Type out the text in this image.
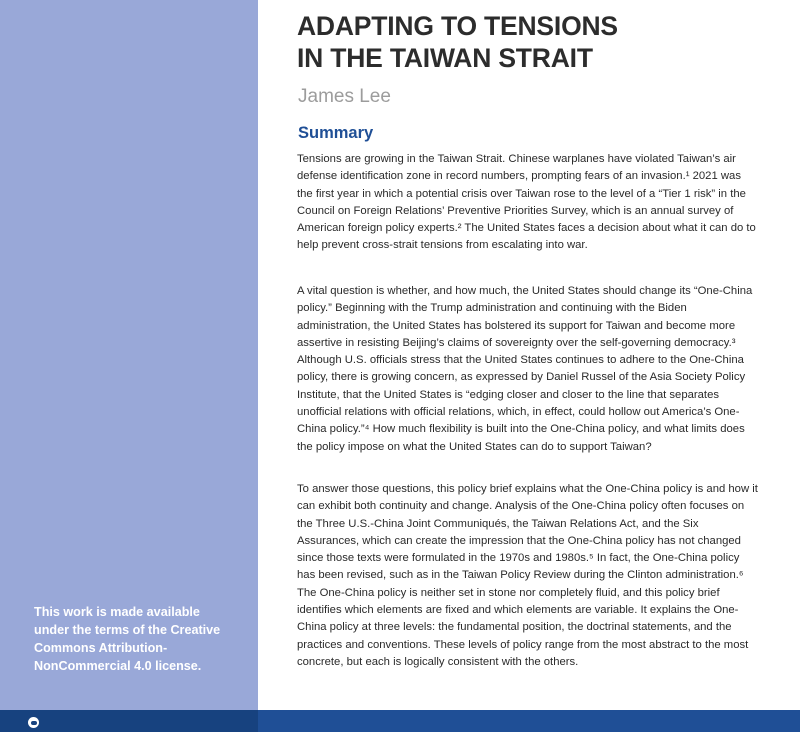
This work is made available under the terms of the Creative Commons Attribution-NonCommercial 4.0 license.
ADAPTING TO TENSIONS
IN THE TAIWAN STRAIT
James Lee
Summary

Tensions are growing in the Taiwan Strait. Chinese warplanes have violated Taiwan’s air defense identification zone in record numbers, prompting fears of an invasion.¹ 2021 was the first year in which a potential crisis over Taiwan rose to the level of a “Tier 1 risk” in the Council on Foreign Relations’ Preventive Priorities Survey, which is an annual survey of American foreign policy experts.² The United States faces a decision about what it can do to help prevent cross-strait tensions from escalating into war.

A vital question is whether, and how much, the United States should change its “One-China policy.” Beginning with the Trump administration and continuing with the Biden administration, the United States has bolstered its support for Taiwan and become more assertive in resisting Beijing’s claims of sovereignty over the self-governing democracy.³ Although U.S. officials stress that the United States continues to adhere to the One-China policy, there is growing concern, as expressed by Daniel Russel of the Asia Society Policy Institute, that the United States is “edging closer and closer to the line that separates unofficial relations with official relations, which, in effect, could hollow out America’s One-China policy.”⁴ How much flexibility is built into the One-China policy, and what limits does the policy impose on what the United States can do to support Taiwan?

To answer those questions, this policy brief explains what the One-China policy is and how it can exhibit both continuity and change. Analysis of the One-China policy often focuses on the Three U.S.-China Joint Communiqués, the Taiwan Relations Act, and the Six Assurances, which can create the impression that the One-China policy has not changed since those texts were formulated in the 1970s and 1980s.⁵ In fact, the One-China policy has been revised, such as in the Taiwan Policy Review during the Clinton administration.⁶ The One-China policy is neither set in stone nor completely fluid, and this policy brief identifies which elements are fixed and which elements are variable. It explains the One-China policy at three levels: the fundamental position, the doctrinal statements, and the practices and conventions. These levels of policy range from the most abstract to the most concrete, but each is logically consistent with the others.
